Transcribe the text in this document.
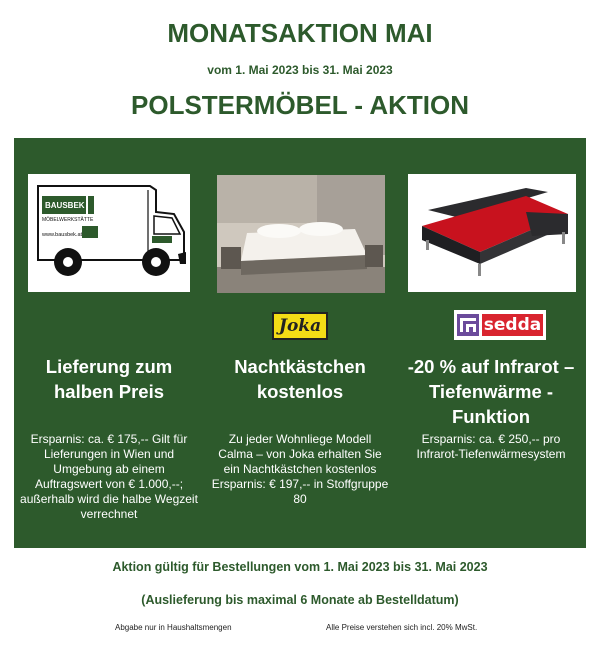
MONATSAKTION MAI
vom 1. Mai 2023 bis 31. Mai 2023
POLSTERMÖBEL - AKTION
BAUSBEK
MÖBELWERKSTÄTTE
www.bausbek.at
Lieferung zum halben Preis
Ersparnis: ca. € 175,-- Gilt für Lieferungen in Wien und Umgebung ab einem Auftragswert von € 1.000,--; außerhalb wird die halbe Wegzeit verrechnet
Joka
Nachtkästchen kostenlos
Zu jeder Wohnliege Modell Calma – von Joka erhalten Sie ein Nachtkästchen kostenlos Ersparnis: € 197,-- in Stoffgruppe 80
sedda
-20 % auf Infrarot – Tiefenwärme - Funktion
Ersparnis: ca. € 250,-- pro Infrarot-Tiefenwärmesystem
Aktion gültig für Bestellungen vom 1. Mai 2023 bis 31. Mai 2023
(Auslieferung bis maximal 6 Monate ab Bestelldatum)
Abgabe nur in Haushaltsmengen	Alle Preise verstehen sich incl. 20% MwSt.
